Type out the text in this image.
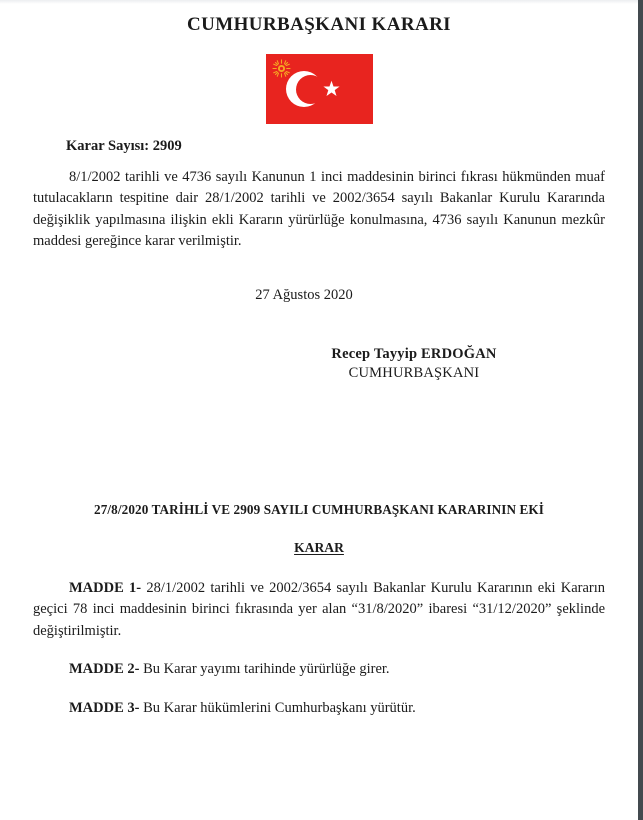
CUMHURBAŞKANI KARARI
Karar Sayısı: 2909

8/1/2002 tarihli ve 4736 sayılı Kanunun 1 inci maddesinin birinci fıkrası hükmünden muaf tutulacakların tespitine dair 28/1/2002 tarihli ve 2002/3654 sayılı Bakanlar Kurulu Kararında değişiklik yapılmasına ilişkin ekli Kararın yürürlüğe konulmasına, 4736 sayılı Kanunun mezkûr maddesi gereğince karar verilmiştir.

27 Ağustos 2020
Recep Tayyip ERDOĞAN
CUMHURBAŞKANI
27/8/2020 TARİHLİ VE 2909 SAYILI CUMHURBAŞKANI KARARININ EKİ
KARAR

MADDE 1- 28/1/2002 tarihli ve 2002/3654 sayılı Bakanlar Kurulu Kararının eki Kararın geçici 78 inci maddesinin birinci fıkrasında yer alan “31/8/2020” ibaresi “31/12/2020” şeklinde değiştirilmiştir.

MADDE 2- Bu Karar yayımı tarihinde yürürlüğe girer.

MADDE 3- Bu Karar hükümlerini Cumhurbaşkanı yürütür.
